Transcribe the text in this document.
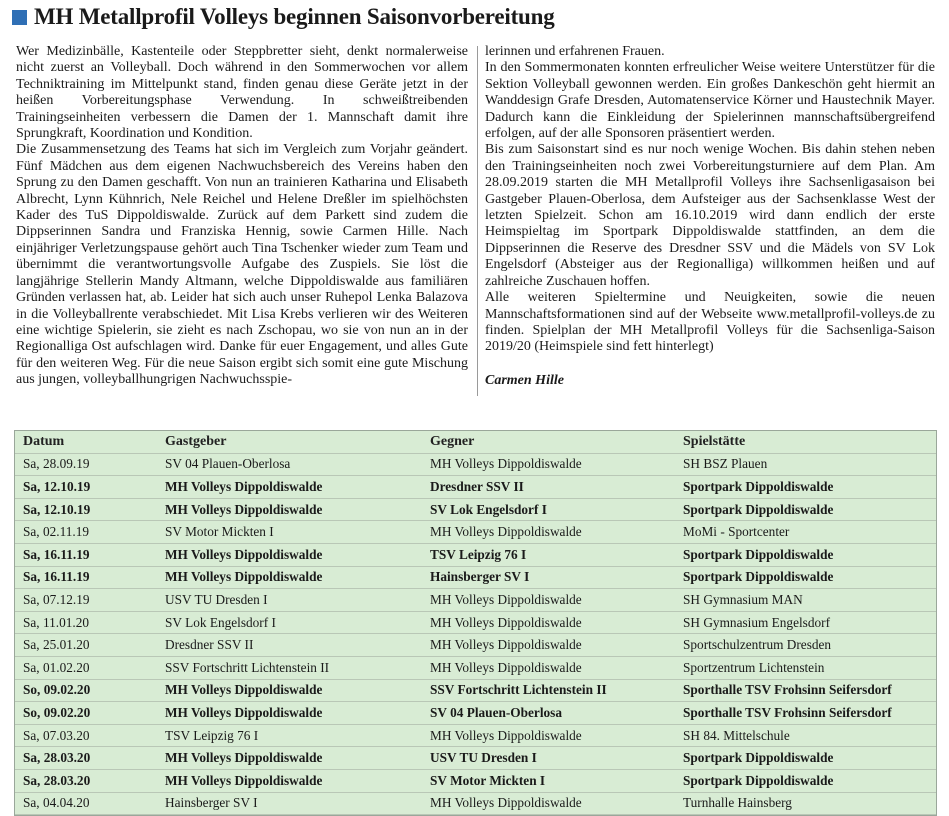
MH Metallprofil Volleys beginnen Saisonvorbereitung

Wer Medizinbälle, Kastenteile oder Steppbretter sieht, denkt normalerweise nicht zuerst an Volleyball. Doch während in den Sommerwochen vor allem Techniktraining im Mittelpunkt stand, finden genau diese Geräte jetzt in der heißen Vorbereitungsphase Verwendung. In schweißtreibenden Trainingseinheiten verbessern die Damen der 1. Mannschaft damit ihre Sprungkraft, Koordination und Kondition.

Die Zusammensetzung des Teams hat sich im Vergleich zum Vorjahr geändert. Fünf Mädchen aus dem eigenen Nachwuchsbereich des Vereins haben den Sprung zu den Damen geschafft. Von nun an trainieren Katharina und Elisabeth Albrecht, Lynn Kühnrich, Nele Reichel und Helene Dreßler im spielhöchsten Kader des TuS Dippoldiswalde. Zurück auf dem Parkett sind zudem die Dippserinnen Sandra und Franziska Hennig, sowie Carmen Hille. Nach einjähriger Verletzungspause gehört auch Tina Tschenker wieder zum Team und übernimmt die verantwortungsvolle Aufgabe des Zuspiels. Sie löst die langjährige Stellerin Mandy Altmann, welche Dippoldiswalde aus familiären Gründen verlassen hat, ab. Leider hat sich auch unser Ruhepol Lenka Balazova in die Volleyballrente verabschiedet. Mit Lisa Krebs verlieren wir des Weiteren eine wichtige Spielerin, sie zieht es nach Zschopau, wo sie von nun an in der Regionalliga Ost aufschlagen wird. Danke für euer Engagement, und alles Gute für den weiteren Weg. Für die neue Saison ergibt sich somit eine gute Mischung aus jungen, volleyballhungrigen Nachwuchsspie-

lerinnen und erfahrenen Frauen.

In den Sommermonaten konnten erfreulicher Weise weitere Unterstützer für die Sektion Volleyball gewonnen werden. Ein großes Dankeschön geht hiermit an Wanddesign Grafe Dresden, Automatenservice Körner und Haustechnik Mayer. Dadurch kann die Einkleidung der Spielerinnen mannschaftsübergreifend erfolgen, auf der alle Sponsoren präsentiert werden.

Bis zum Saisonstart sind es nur noch wenige Wochen. Bis dahin stehen neben den Trainingseinheiten noch zwei Vorbereitungsturniere auf dem Plan. Am 28.09.2019 starten die MH Metallprofil Volleys ihre Sachsenligasaison bei Gastgeber Plauen-Oberlosa, dem Aufsteiger aus der Sachsenklasse West der letzten Spielzeit. Schon am 16.10.2019 wird dann endlich der erste Heimspieltag im Sportpark Dippoldiswalde stattfinden, an dem die Dippserinnen die Reserve des Dresdner SSV und die Mädels von SV Lok Engelsdorf (Absteiger aus der Regionalliga) willkommen heißen und auf zahlreiche Zuschauen hoffen.

Alle weiteren Spieltermine und Neuigkeiten, sowie die neuen Mannschaftsformationen sind auf der Webseite www.metallprofil-volleys.de zu finden. Spielplan der MH Metallprofil Volleys für die Sachsenliga-Saison 2019/20 (Heimspiele sind fett hinterlegt)

Carmen Hille

Datum	Gastgeber	Gegner	Spielstätte
Sa, 28.09.19	SV 04 Plauen-Oberlosa	MH Volleys Dippoldiswalde	SH BSZ Plauen
Sa, 12.10.19	MH Volleys Dippoldiswalde	Dresdner SSV II	Sportpark Dippoldiswalde
Sa, 12.10.19	MH Volleys Dippoldiswalde	SV Lok Engelsdorf I	Sportpark Dippoldiswalde
Sa, 02.11.19	SV Motor Mickten I	MH Volleys Dippoldiswalde	MoMi - Sportcenter
Sa, 16.11.19	MH Volleys Dippoldiswalde	TSV Leipzig 76 I	Sportpark Dippoldiswalde
Sa, 16.11.19	MH Volleys Dippoldiswalde	Hainsberger SV I	Sportpark Dippoldiswalde
Sa, 07.12.19	USV TU Dresden I	MH Volleys Dippoldiswalde	SH Gymnasium MAN
Sa, 11.01.20	SV Lok Engelsdorf I	MH Volleys Dippoldiswalde	SH Gymnasium Engelsdorf
Sa, 25.01.20	Dresdner SSV II	MH Volleys Dippoldiswalde	Sportschulzentrum Dresden
Sa, 01.02.20	SSV Fortschritt Lichtenstein II	MH Volleys Dippoldiswalde	Sportzentrum Lichtenstein
So, 09.02.20	MH Volleys Dippoldiswalde	SSV Fortschritt Lichtenstein II	Sporthalle TSV Frohsinn Seifersdorf
So, 09.02.20	MH Volleys Dippoldiswalde	SV 04 Plauen-Oberlosa	Sporthalle TSV Frohsinn Seifersdorf
Sa, 07.03.20	TSV Leipzig 76 I	MH Volleys Dippoldiswalde	SH 84. Mittelschule
Sa, 28.03.20	MH Volleys Dippoldiswalde	USV TU Dresden I	Sportpark Dippoldiswalde
Sa, 28.03.20	MH Volleys Dippoldiswalde	SV Motor Mickten I	Sportpark Dippoldiswalde
Sa, 04.04.20	Hainsberger SV I	MH Volleys Dippoldiswalde	Turnhalle Hainsberg
